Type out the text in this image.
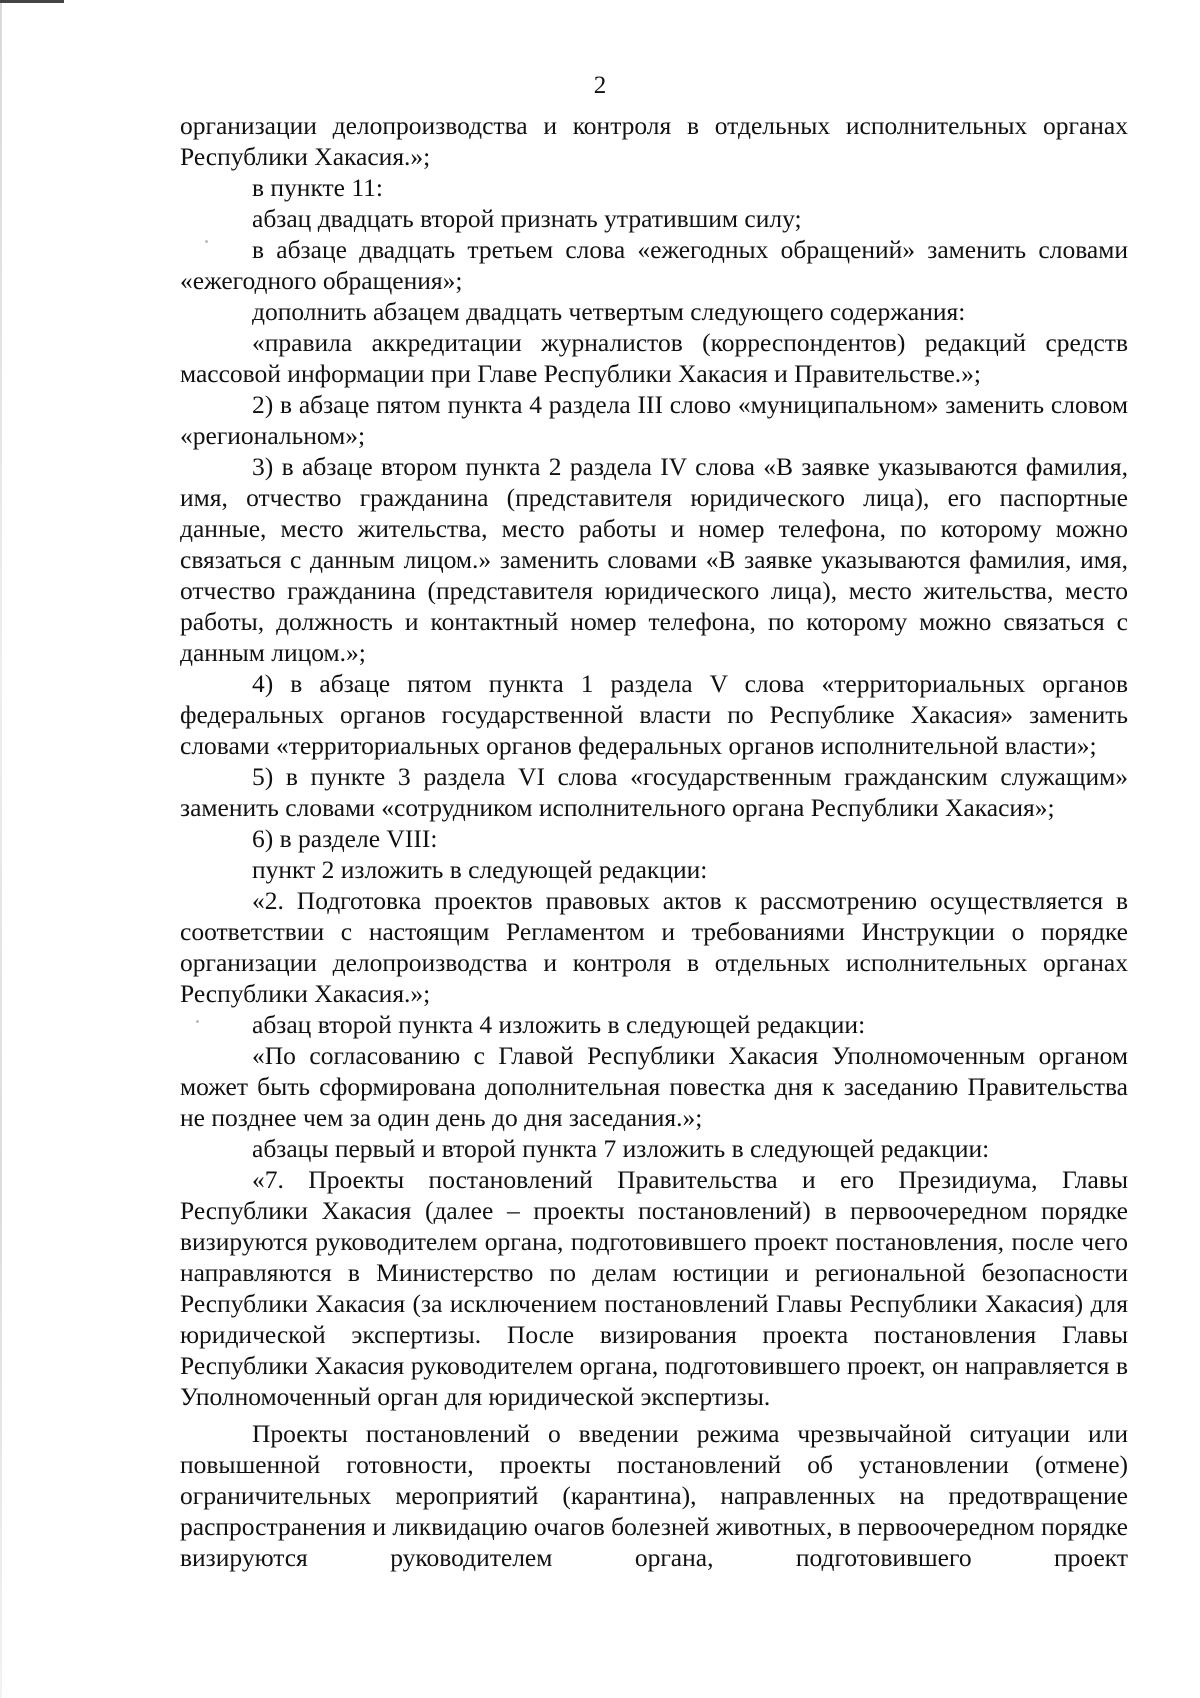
2

организации делопроизводства и контроля в отдельных исполнительных органах Республики Хакасия.»;

в пункте 11:

абзац двадцать второй признать утратившим силу;

в абзаце двадцать третьем слова «ежегодных обращений» заменить словами «ежегодного обращения»;

дополнить абзацем двадцать четвертым следующего содержания:

«правила аккредитации журналистов (корреспондентов) редакций средств массовой информации при Главе Республики Хакасия и Правительстве.»;

2) в абзаце пятом пункта 4 раздела III слово «муниципальном» заменить словом «региональном»;

3) в абзаце втором пункта 2 раздела IV слова «В заявке указываются фамилия, имя, отчество гражданина (представителя юридического лица), его паспортные данные, место жительства, место работы и номер телефона, по которому можно связаться с данным лицом.» заменить словами «В заявке указываются фамилия, имя, отчество гражданина (представителя юридического лица), место жительства, место работы, должность и контактный номер телефона, по которому можно связаться с данным лицом.»;

4) в абзаце пятом пункта 1 раздела V слова «территориальных органов федеральных органов государственной власти по Республике Хакасия» заменить словами «территориальных органов федеральных органов исполнительной власти»;

5) в пункте 3 раздела VI слова «государственным гражданским служащим» заменить словами «сотрудником исполнительного органа Республики Хакасия»;

6) в разделе VIII:

пункт 2 изложить в следующей редакции:

«2. Подготовка проектов правовых актов к рассмотрению осуществляется в соответствии с настоящим Регламентом и требованиями Инструкции о порядке организации делопроизводства и контроля в отдельных исполнительных органах Республики Хакасия.»;

абзац второй пункта 4 изложить в следующей редакции:

«По согласованию с Главой Республики Хакасия Уполномоченным органом может быть сформирована дополнительная повестка дня к заседанию Правительства не позднее чем за один день до дня заседания.»;

абзацы первый и второй пункта 7 изложить в следующей редакции:

«7. Проекты постановлений Правительства и его Президиума, Главы Республики Хакасия (далее – проекты постановлений) в первоочередном порядке визируются руководителем органа, подготовившего проект постановления, после чего направляются в Министерство по делам юстиции и региональной безопасности Республики Хакасия (за исключением постановлений Главы Республики Хакасия) для юридической экспертизы. После визирования проекта постановления Главы Республики Хакасия руководителем органа, подготовившего проект, он направляется в Уполномоченный орган для юридической экспертизы.

Проекты постановлений о введении режима чрезвычайной ситуации или повышенной готовности, проекты постановлений об установлении (отмене) ограничительных мероприятий (карантина), направленных на предотвращение распространения и ликвидацию очагов болезней животных, в первоочередном порядке визируются руководителем органа, подготовившего проект
